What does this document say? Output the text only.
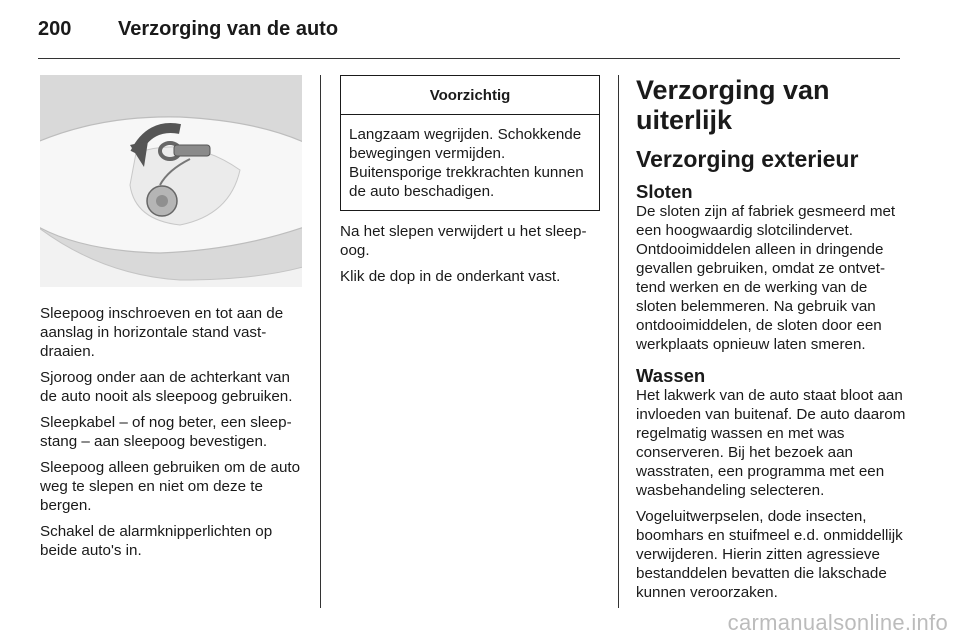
200 Verzorging van de auto

Sleepoog inschroeven en tot aan de aanslag in horizontale stand vastdraaien.

Sjoroog onder aan de achterkant van de auto nooit als sleepoog gebruiken.

Sleepkabel – of nog beter, een sleepstang – aan sleepoog bevestigen.

Sleepoog alleen gebruiken om de auto weg te slepen en niet om deze te bergen.

Schakel de alarmknipperlichten op beide auto's in.

Voorzichtig
Langzaam wegrijden. Schokkende bewegingen vermijden. Buitensporige trekkrachten kunnen de auto beschadigen.

Na het slepen verwijdert u het sleepoog.

Klik de dop in de onderkant vast.

Verzorging van uiterlijk
Verzorging exterieur
Sloten

De sloten zijn af fabriek gesmeerd met een hoogwaardig slotcilindervet. Ontdooimiddelen alleen in dringende gevallen gebruiken, omdat ze ontvettend werken en de werking van de sloten belemmeren. Na gebruik van ontdooimiddelen, de sloten door een werkplaats opnieuw laten smeren.

Wassen

Het lakwerk van de auto staat bloot aan invloeden van buitenaf. De auto daarom regelmatig wassen en met was conserveren. Bij het bezoek aan wasstraten, een programma met een wasbehandeling selecteren.

Vogeluitwerpselen, dode insecten, boomhars en stuifmeel e.d. onmiddellijk verwijderen. Hierin zitten agressieve bestanddelen bevatten die lakschade kunnen veroorzaken.

carmanualsonline.info
